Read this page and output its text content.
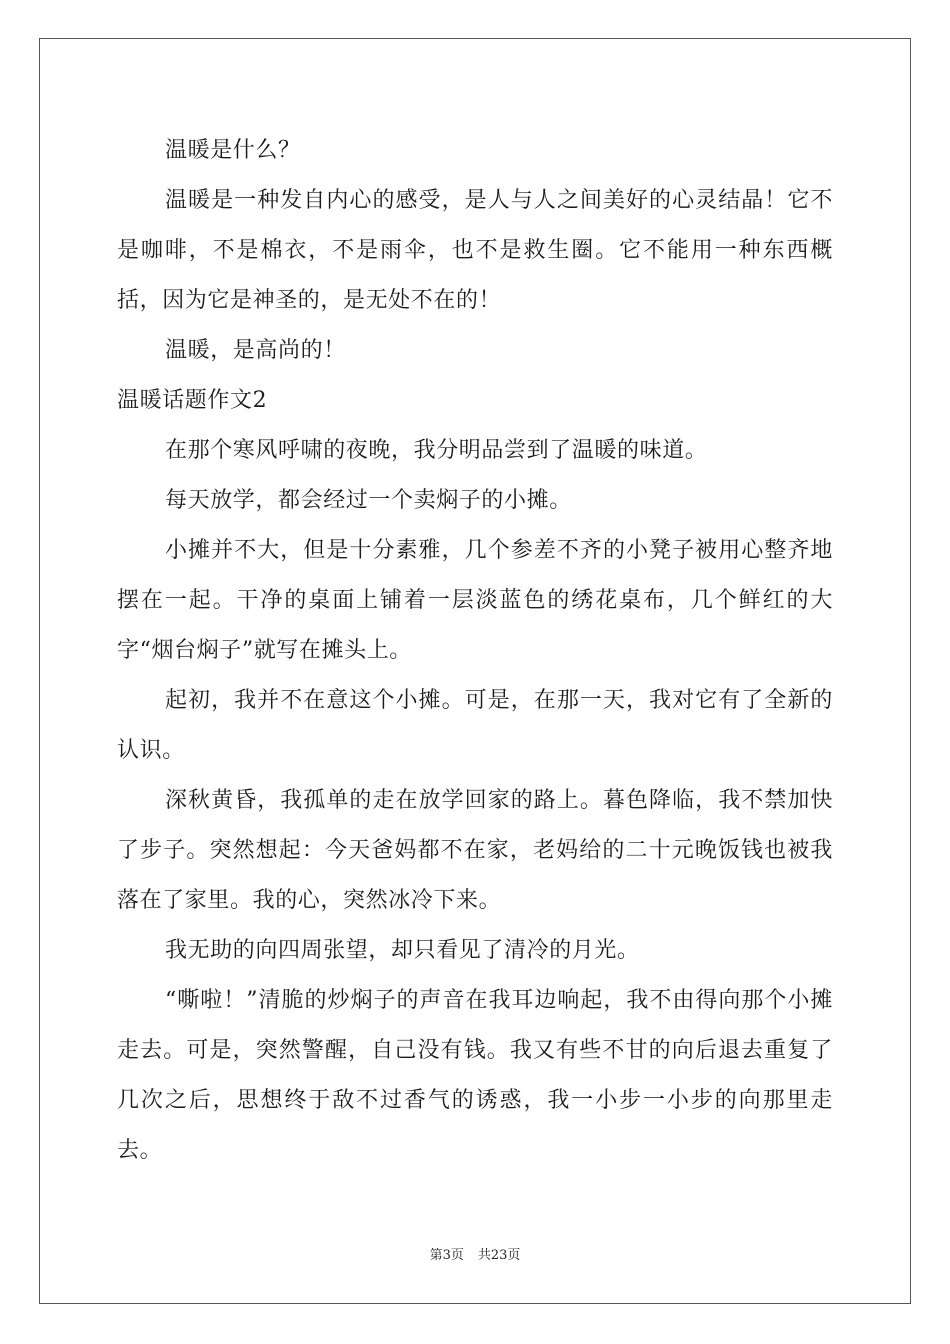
温暖是什么？

温暖是一种发自内心的感受，是人与人之间美好的心灵结晶！它不是咖啡，不是棉衣，不是雨伞，也不是救生圈。它不能用一种东西概括，因为它是神圣的，是无处不在的！

温暖，是高尚的！

温暖话题作文2

在那个寒风呼啸的夜晚，我分明品尝到了温暖的味道。

每天放学，都会经过一个卖焖子的小摊。

小摊并不大，但是十分素雅，几个参差不齐的小凳子被用心整齐地摆在一起。干净的桌面上铺着一层淡蓝色的绣花桌布，几个鲜红的大字“烟台焖子”就写在摊头上。

起初，我并不在意这个小摊。可是，在那一天，我对它有了全新的认识。

深秋黄昏，我孤单的走在放学回家的路上。暮色降临，我不禁加快了步子。突然想起：今天爸妈都不在家，老妈给的二十元晚饭钱也被我落在了家里。我的心，突然冰冷下来。

我无助的向四周张望，却只看见了清冷的月光。

“嘶啦！”清脆的炒焖子的声音在我耳边响起，我不由得向那个小摊走去。可是，突然警醒，自己没有钱。我又有些不甘的向后退去重复了几次之后，思想终于敌不过香气的诱惑，我一小步一小步的向那里走去。

第3页 共23页
